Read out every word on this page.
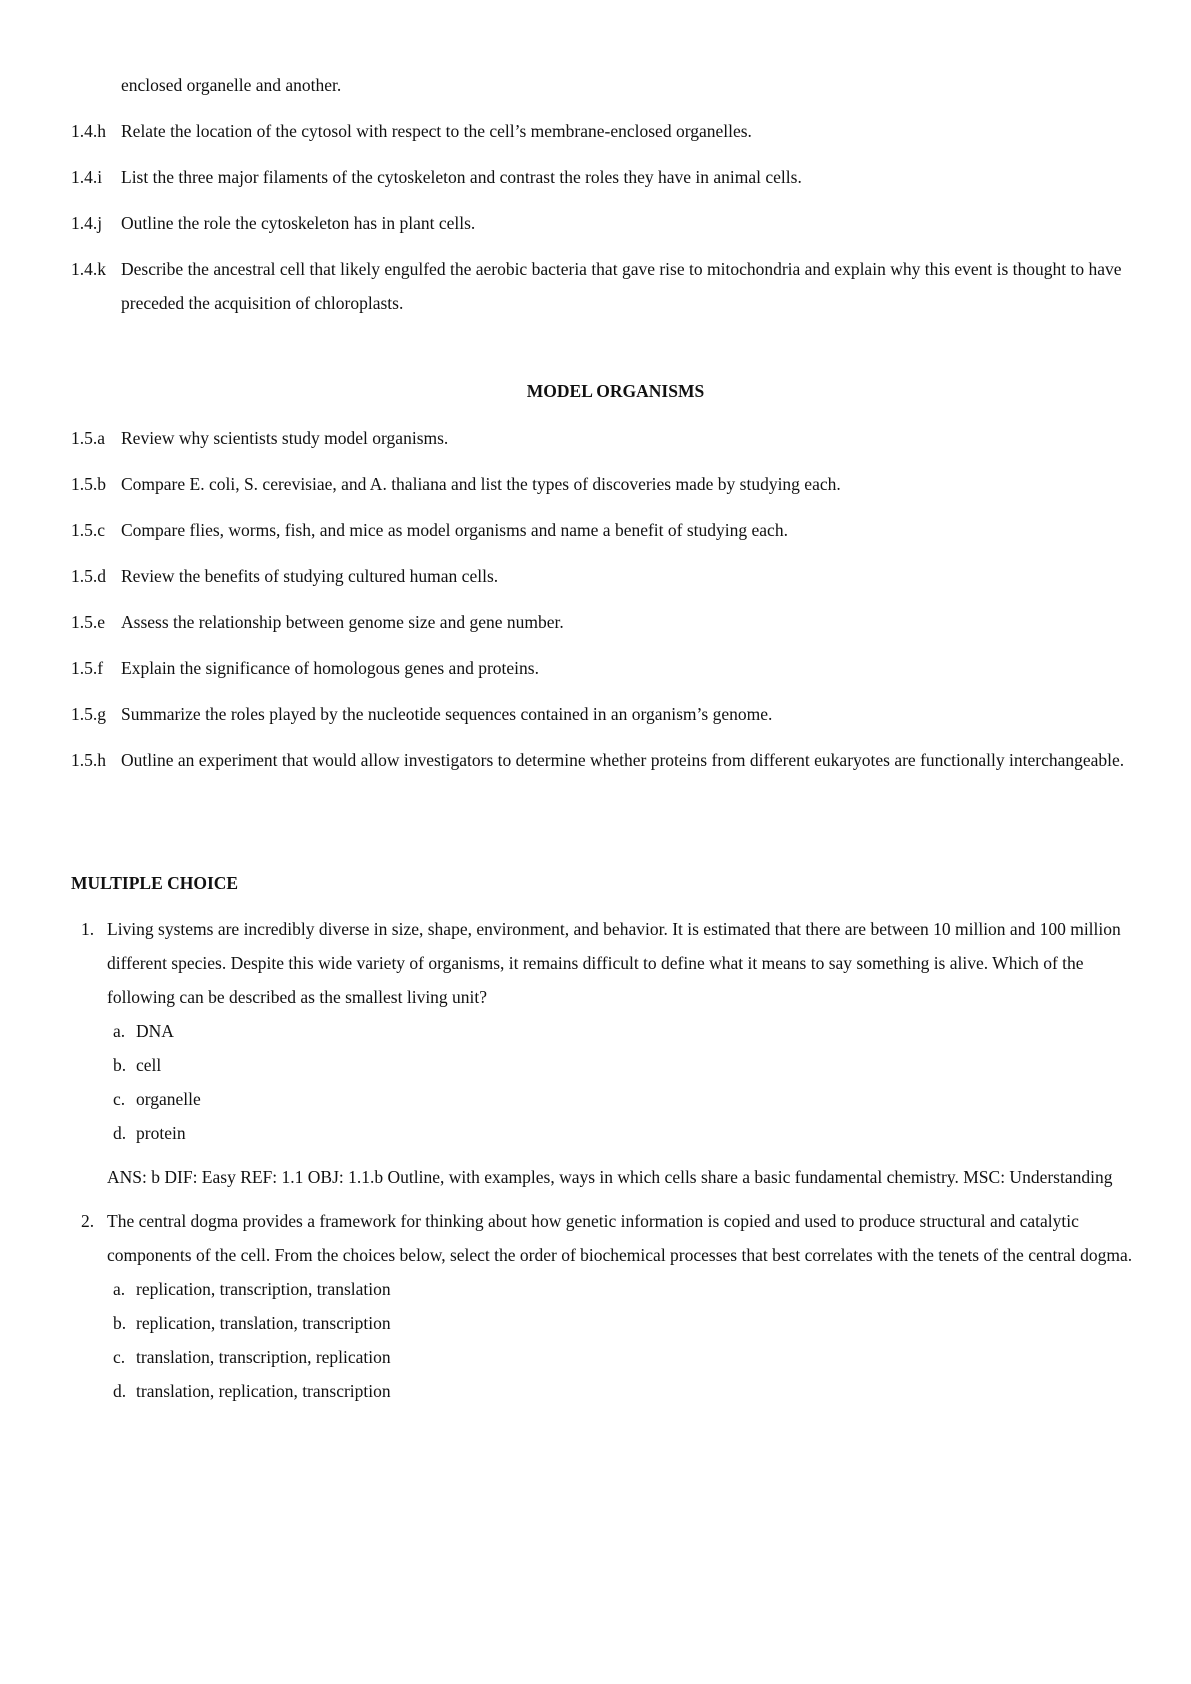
enclosed organelle and another.
1.4.h Relate the location of the cytosol with respect to the cell’s membrane-enclosed organelles.
1.4.i	List the three major filaments of the cytoskeleton and contrast the roles they have in animal cells.
1.4.j	Outline the role the cytoskeleton has in plant cells.
1.4.k Describe the ancestral cell that likely engulfed the aerobic bacteria that gave rise to mitochondria and explain why this event is thought to have preceded the acquisition of chloroplasts.
MODEL ORGANISMS
1.5.a Review why scientists study model organisms.
1.5.b Compare E. coli, S. cerevisiae, and A. thaliana and list the types of discoveries made by studying each.
1.5.c Compare flies, worms, fish, and mice as model organisms and name a benefit of studying each.
1.5.d Review the benefits of studying cultured human cells.
1.5.e Assess the relationship between genome size and gene number.
1.5.f	Explain the significance of homologous genes and proteins.
1.5.g Summarize the roles played by the nucleotide sequences contained in an organism’s genome.
1.5.h Outline an experiment that would allow investigators to determine whether proteins from different eukaryotes are functionally interchangeable.
MULTIPLE CHOICE
1. Living systems are incredibly diverse in size, shape, environment, and behavior. It is estimated that there are between 10 million and 100 million different species. Despite this wide variety of organisms, it remains difficult to define what it means to say something is alive. Which of the following can be described as the smallest living unit?
a. DNA
b. cell
c. organelle
d. protein
ANS: b DIF: Easy REF: 1.1 OBJ: 1.1.b Outline, with examples, ways in which cells share a basic fundamental chemistry. MSC: Understanding
2. The central dogma provides a framework for thinking about how genetic information is copied and used to produce structural and catalytic components of the cell. From the choices below, select the order of biochemical processes that best correlates with the tenets of the central dogma.
a. replication, transcription, translation
b. replication, translation, transcription
c. translation, transcription, replication
d. translation, replication, transcription
